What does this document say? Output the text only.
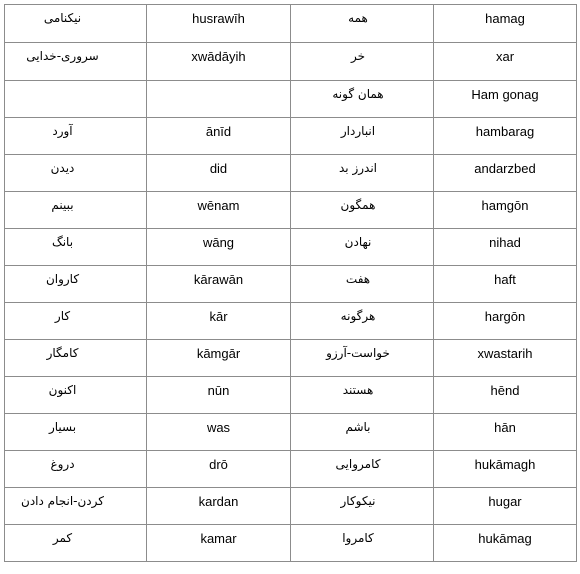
نیکنامی	husrawīh	همه	hamag
سروری-خدایی	xwādāyih	خر	xar
		همان گونه	Ham gonag
آورد	ānīd	انباردار	hambarag
دیدن	did	اندرز بد	andarzbed
ببینم	wēnam	همگون	hamgōn
بانگ	wāng	نهادن	nihad
کاروان	kārawān	هفت	haft
کار	kār	هرگونه	hargōn
کامگار	kāmgār	خواست-آرزو	xwastarih
اکنون	nūn	هستند	hēnd
بسیار	was	باشم	hān
دروغ	drō	کامروایی	hukāmagh
کردن-انجام دادن	kardan	نیکوکار	hugar
کمر	kamar	کامروا	hukāmag
